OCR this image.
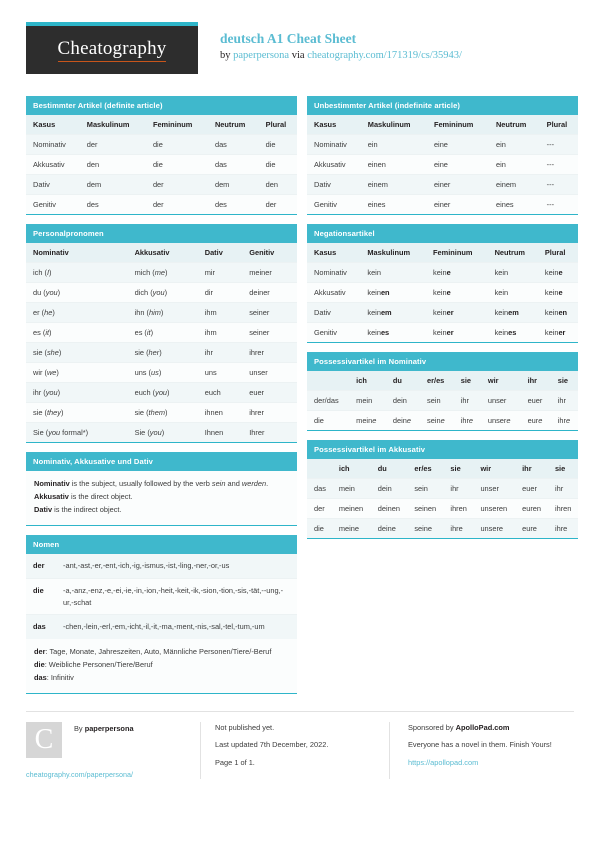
Cheatography	deutsch A1 Cheat Sheet
by paperpersona via cheatography.com/171319/cs/35943/
Bestimmter Artikel (definite article)
Kasus	Maskulinum	Femininum	Neutrum	Plural
Nominativ	der	die	das	die
Akkusativ	den	die	das	die
Dativ	dem	der	dem	den
Genitiv	des	der	des	der
Personalpronomen
Nominativ	Akkusativ	Dativ	Genitiv
ich (I)	mich (me)	mir	meiner
du (you)	dich (you)	dir	deiner
er (he)	ihn (him)	ihm	seiner
es (it)	es (it)	ihm	seiner
sie (she)	sie (her)	ihr	ihrer
wir (we)	uns (us)	uns	unser
ihr (you)	euch (you)	euch	euer
sie (they)	sie (them)	ihnen	ihrer
Sie (you formal*)	Sie (you)	Ihnen	Ihrer
Nominativ, Akkusative und Dativ

Nominativ is the subject, usually followed by the verb sein and werden.

Akkusativ is the direct object.

Dativ is the indirect object.

Nomen
der	-ant,-ast,-er,-ent,-ich,-ig,-ismus,-ist,-ling,-ner,-or,-us
die	-a,-anz,-enz,-e,-ei,-ie,-in,-ion,-heit,-keit,-ik,-sion,-tion,-sis,-tät,--ung,-ur,-schat
das	-chen,-lein,-erl,-em,-icht,-il,-it,-ma,-ment,-nis,-sal,-tel,-tum,-um

der: Tage, Monate, Jahreszeiten, Auto, Männliche Personen/Tiere/-Beruf

die: Weibliche Personen/Tiere/Beruf

das: Infinitiv

Unbestimmter Artikel (indefinite article)
Kasus	Maskulinum	Femininum	Neutrum	Plural
Nominativ	ein	eine	ein	---
Akkusativ	einen	eine	ein	---
Dativ	einem	einer	einem	---
Genitiv	eines	einer	eines	---
Negationsartikel
Kasus	Maskulinum	Femininum	Neutrum	Plural
Nominativ	kein	keine	kein	keine
Akkusativ	keinen	keine	kein	keine
Dativ	keinem	keiner	keinem	keinen
Genitiv	keines	keiner	keines	keiner
Possessivartikel im Nominativ
	ich	du	er/es	sie	wir	ihr	sie
der/das	mein	dein	sein	ihr	unser	euer	ihr
die	meine	deine	seine	ihre	unsere	eure	ihre
Possessivartikel im Akkusativ
	ich	du	er/es	sie	wir	ihr	sie
das	mein	dein	sein	ihr	unser	euer	ihr
der	meinen	deinen	seinen	ihren	unseren	euren	ihren
die	meine	deine	seine	ihre	unsere	eure	ihre
C	By paperpersona
cheatography.com/paperpersona/
Not published yet.
Last updated 7th December, 2022.
Page 1 of 1.
Sponsored by ApolloPad.com
Everyone has a novel in them. Finish Yours!
https://apollopad.com
